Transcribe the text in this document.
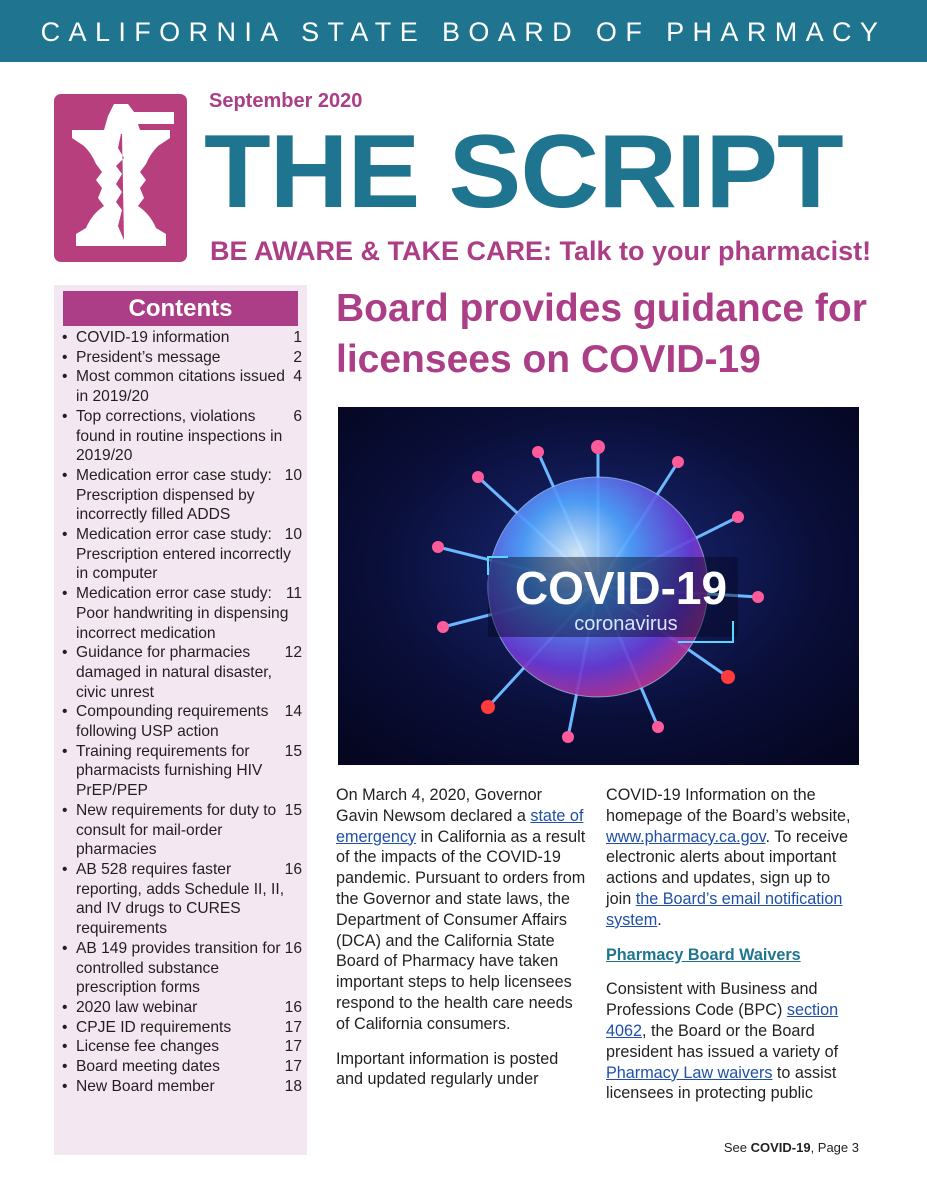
CALIFORNIA STATE BOARD OF PHARMACY
September 2020
THE SCRIPT
BE AWARE & TAKE CARE: Talk to your pharmacist!
Contents
• 1
COVID-19 information
• 2
President’s message
• 4
Most common citations issued in 2019/20
• 6
Top corrections, violations found in routine inspections in 2019/20
• 10
Medication error case study: Prescription dispensed by incorrectly filled ADDS
• 10
Medication error case study: Prescription entered incorrectly in computer
• 11
Medication error case study: Poor handwriting in dispensing incorrect medication
• 12
Guidance for pharmacies damaged in natural disaster, civic unrest
• 14
Compounding requirements following USP action
• 15
Training requirements for pharmacists furnishing HIV PrEP/PEP
• 15
New requirements for duty to consult for mail-order pharmacies
• 16
AB 528 requires faster reporting, adds Schedule II, II, and IV drugs to CURES requirements
• 16
AB 149 provides transition for controlled substance prescription forms
• 16
2020 law webinar
• 17
CPJE ID requirements
• 17
License fee changes
• 17
Board meeting dates
• 18
New Board member
Board provides guidance for licensees on COVID-19
COVID-19
coronavirus

On March 4, 2020, Governor Gavin Newsom declared a state of emergency in California as a result of the impacts of the COVID-19 pandemic. Pursuant to orders from the Governor and state laws, the Department of Consumer Affairs (DCA) and the California State Board of Pharmacy have taken important steps to help licensees respond to the health care needs of California consumers.

Important information is posted and updated regularly under

COVID-19 Information on the homepage of the Board’s website, www.pharmacy.ca.gov. To receive electronic alerts about important actions and updates, sign up to join the Board’s email notification system.

Pharmacy Board Waivers

Consistent with Business and Professions Code (BPC) section 4062, the Board or the Board president has issued a variety of Pharmacy Law waivers to assist licensees in protecting public

See COVID-19, Page 3
